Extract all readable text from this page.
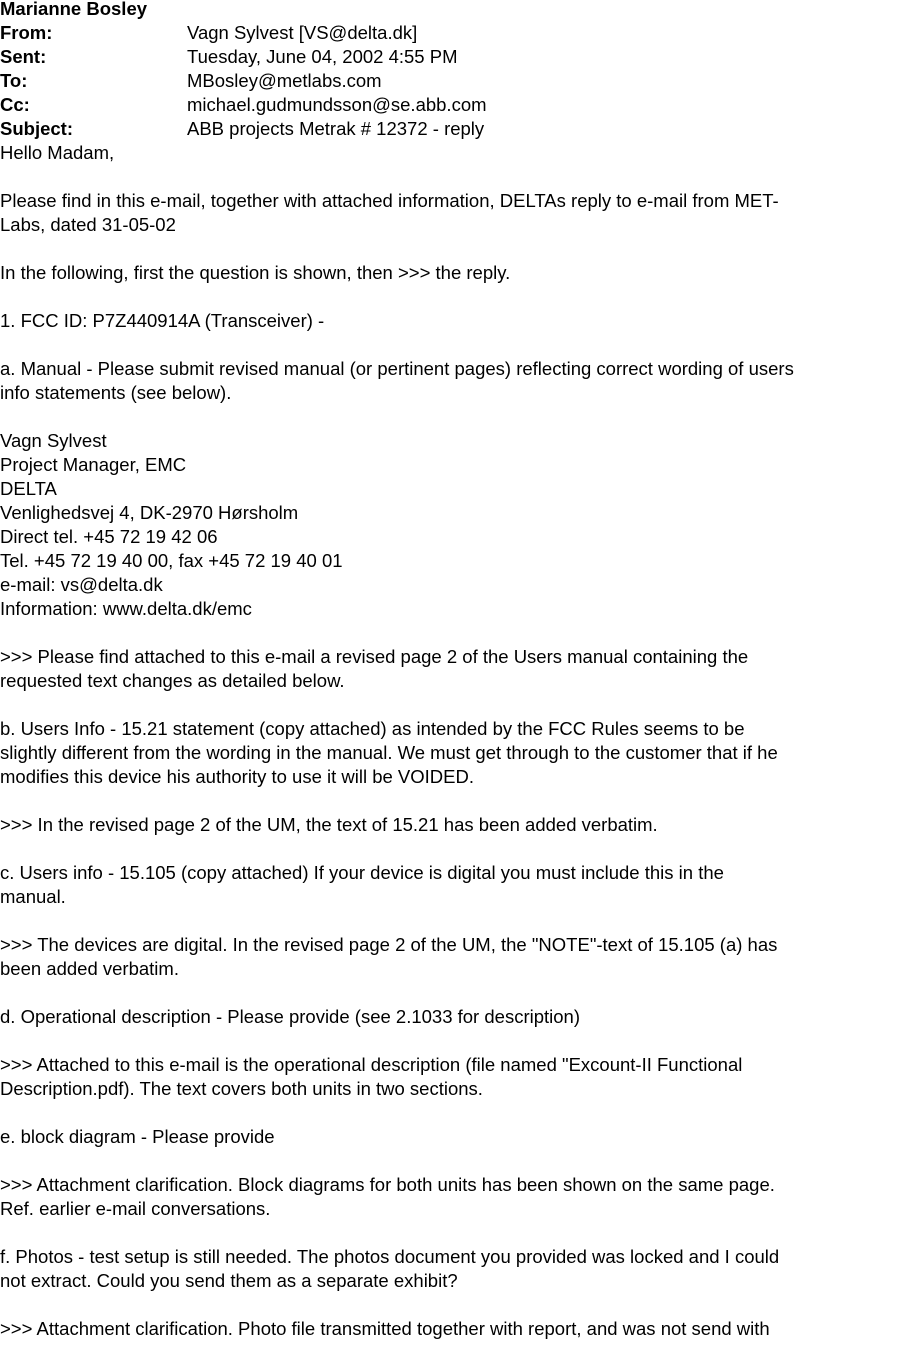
Marianne Bosley
From:	Vagn Sylvest [VS@delta.dk]
Sent:	Tuesday, June 04, 2002 4:55 PM
To:	MBosley@metlabs.com
Cc:	michael.gudmundsson@se.abb.com
Subject:	ABB projects Metrak # 12372 - reply
Hello Madam,
Please find in this e-mail, together with attached information, DELTAs reply to e-mail from MET-
Labs, dated 31-05-02
In the following, first the question is shown, then >>> the reply.
1. FCC ID: P7Z440914A (Transceiver) -
a. Manual - Please submit revised manual (or pertinent pages) reflecting correct wording of users
info statements (see below).
Vagn Sylvest
Project Manager, EMC
DELTA
Venlighedsvej 4, DK-2970 Hørsholm
Direct tel. +45 72 19 42 06
Tel. +45 72 19 40 00, fax +45 72 19 40 01
e-mail: vs@delta.dk
Information: www.delta.dk/emc
>>> Please find attached to this e-mail a revised page 2 of the Users manual containing the
requested text changes as detailed below.
b. Users Info - 15.21 statement (copy attached) as intended by the FCC Rules seems to be
slightly different from the wording in the manual. We must get through to the customer that if he
modifies this device his authority to use it will be VOIDED.
>>> In the revised page 2 of the UM, the text of 15.21 has been added verbatim.
c. Users info - 15.105 (copy attached) If your device is digital you must include this in the
manual.
>>> The devices are digital. In the revised page 2 of the UM, the "NOTE"-text of 15.105 (a) has
been added verbatim.
d. Operational description - Please provide (see 2.1033 for description)
>>> Attached to this e-mail is the operational description (file named "Excount-II Functional
Description.pdf). The text covers both units in two sections.
e. block diagram - Please provide
>>> Attachment clarification. Block diagrams for both units has been shown on the same page.
Ref. earlier e-mail conversations.
f. Photos - test setup is still needed. The photos document you provided was locked and I could
not extract. Could you send them as a separate exhibit?
>>> Attachment clarification. Photo file transmitted together with report, and was not send with
